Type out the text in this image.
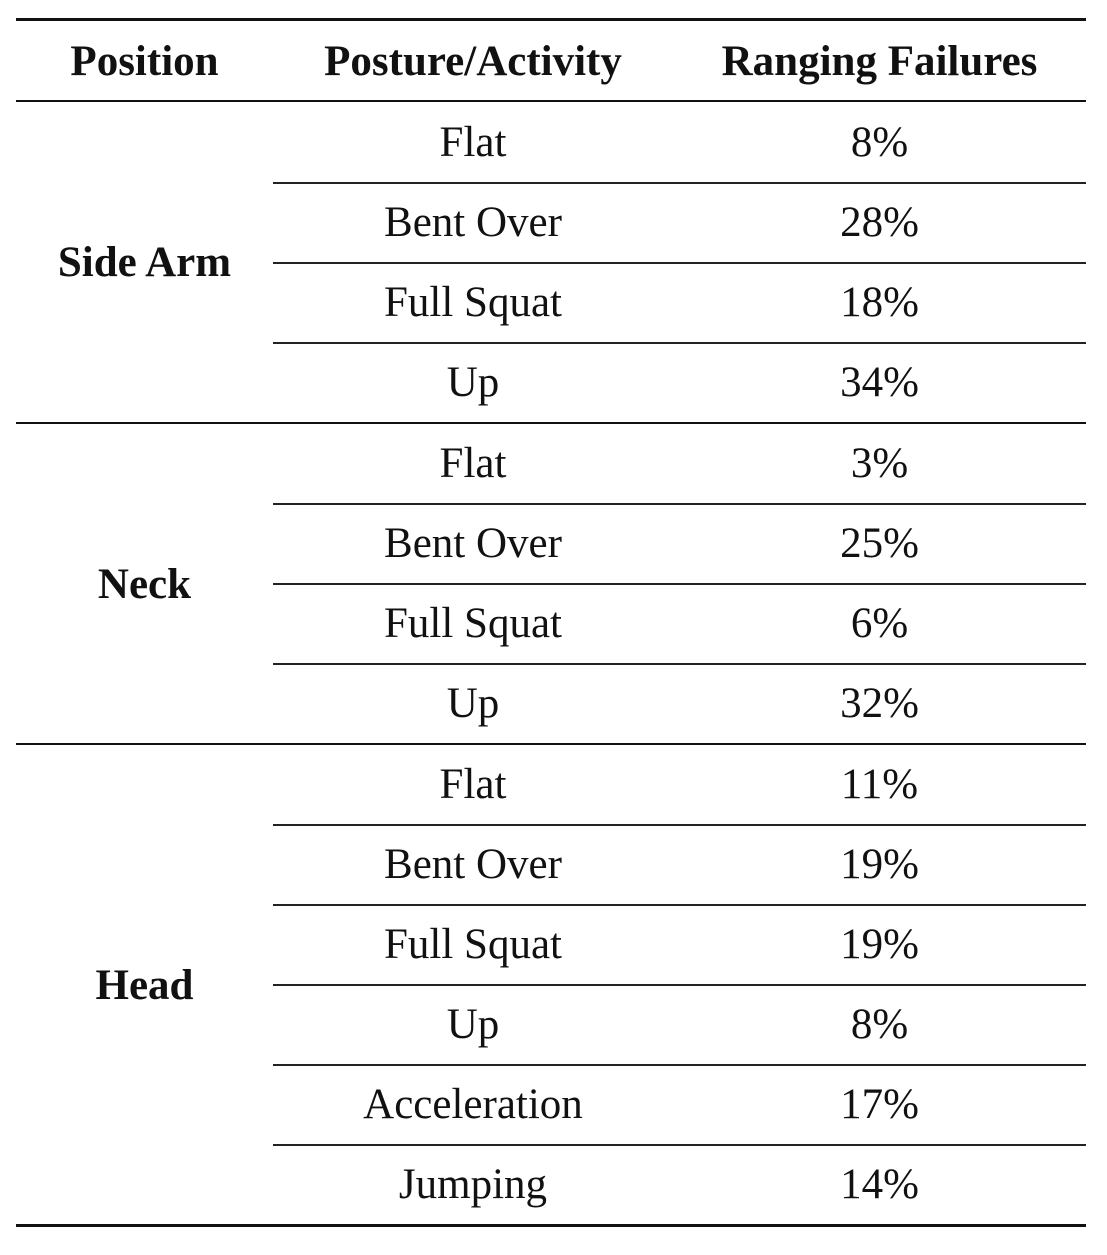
Position	Posture/Activity	Ranging Failures
Side Arm
Flat	8%
Bent Over	28%
Full Squat	18%
Up	34%
Neck
Flat	3%
Bent Over	25%
Full Squat	6%
Up	32%
Head
Flat	11%
Bent Over	19%
Full Squat	19%
Up	8%
Acceleration	17%
Jumping	14%
